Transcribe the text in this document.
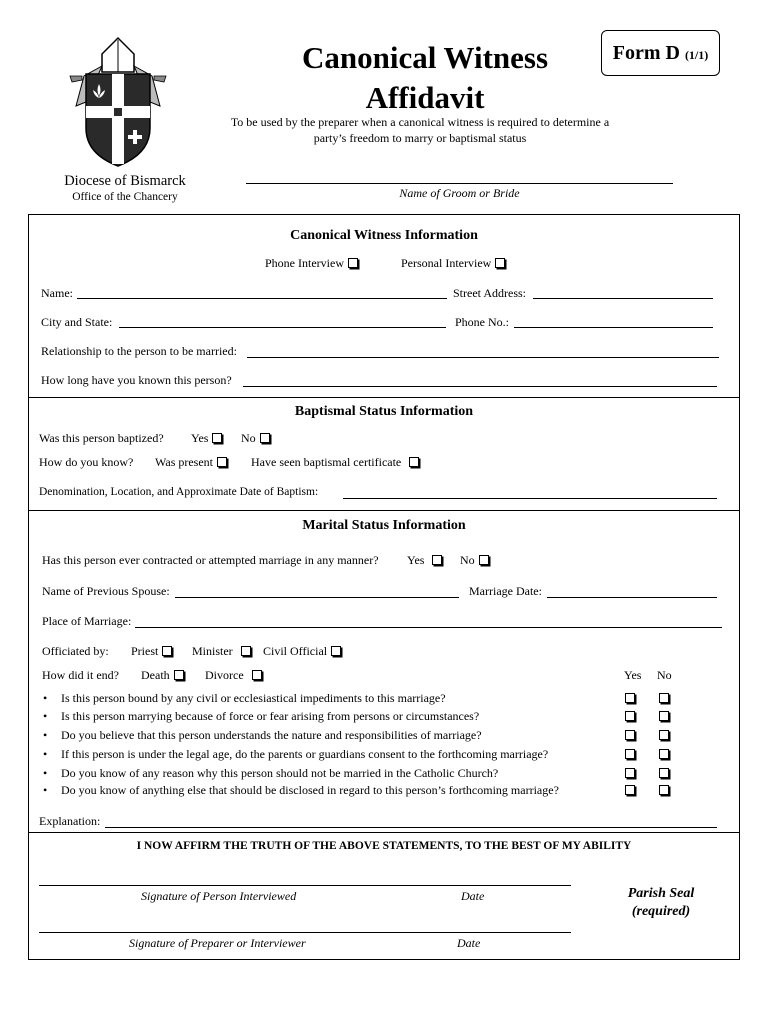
Canonical Witness
Affidavit
Form D (1/1)
To be used by the preparer when a canonical witness is required to determine a
party’s freedom to marry or baptismal status
Diocese of Bismarck
Office of the Chancery	Name of Groom or Bride
Canonical Witness Information
Phone Interview	Personal Interview
Name:	Street Address:
City and State:	Phone No.:
Relationship to the person to be married:
How long have you known this person?
Baptismal Status Information
Was this person baptized? Yes	No
How do you know? Was present	Have seen baptismal certificate
Denomination, Location, and Approximate Date of Baptism:
Marital Status Information
Has this person ever contracted or attempted marriage in any manner? Yes	No
Name of Previous Spouse:	Marriage Date:
Place of Marriage:
Officiated by: Priest	Minister	Civil Official
How did it end? Death	Divorce	Yes No
• Is this person bound by any civil or ecclesiastical impediments to this marriage?
• Is this person marrying because of force or fear arising from persons or circumstances?
• Do you believe that this person understands the nature and responsibilities of marriage?
• If this person is under the legal age, do the parents or guardians consent to the forthcoming marriage?
• Do you know of any reason why this person should not be married in the Catholic Church?
• Do you know of anything else that should be disclosed in regard to this person’s forthcoming marriage?
Explanation:
I NOW AFFIRM THE TRUTH OF THE ABOVE STATEMENTS, TO THE BEST OF MY ABILITY
Signature of Person Interviewed	Date
Signature of Preparer or Interviewer	Date
Parish Seal
(required)
